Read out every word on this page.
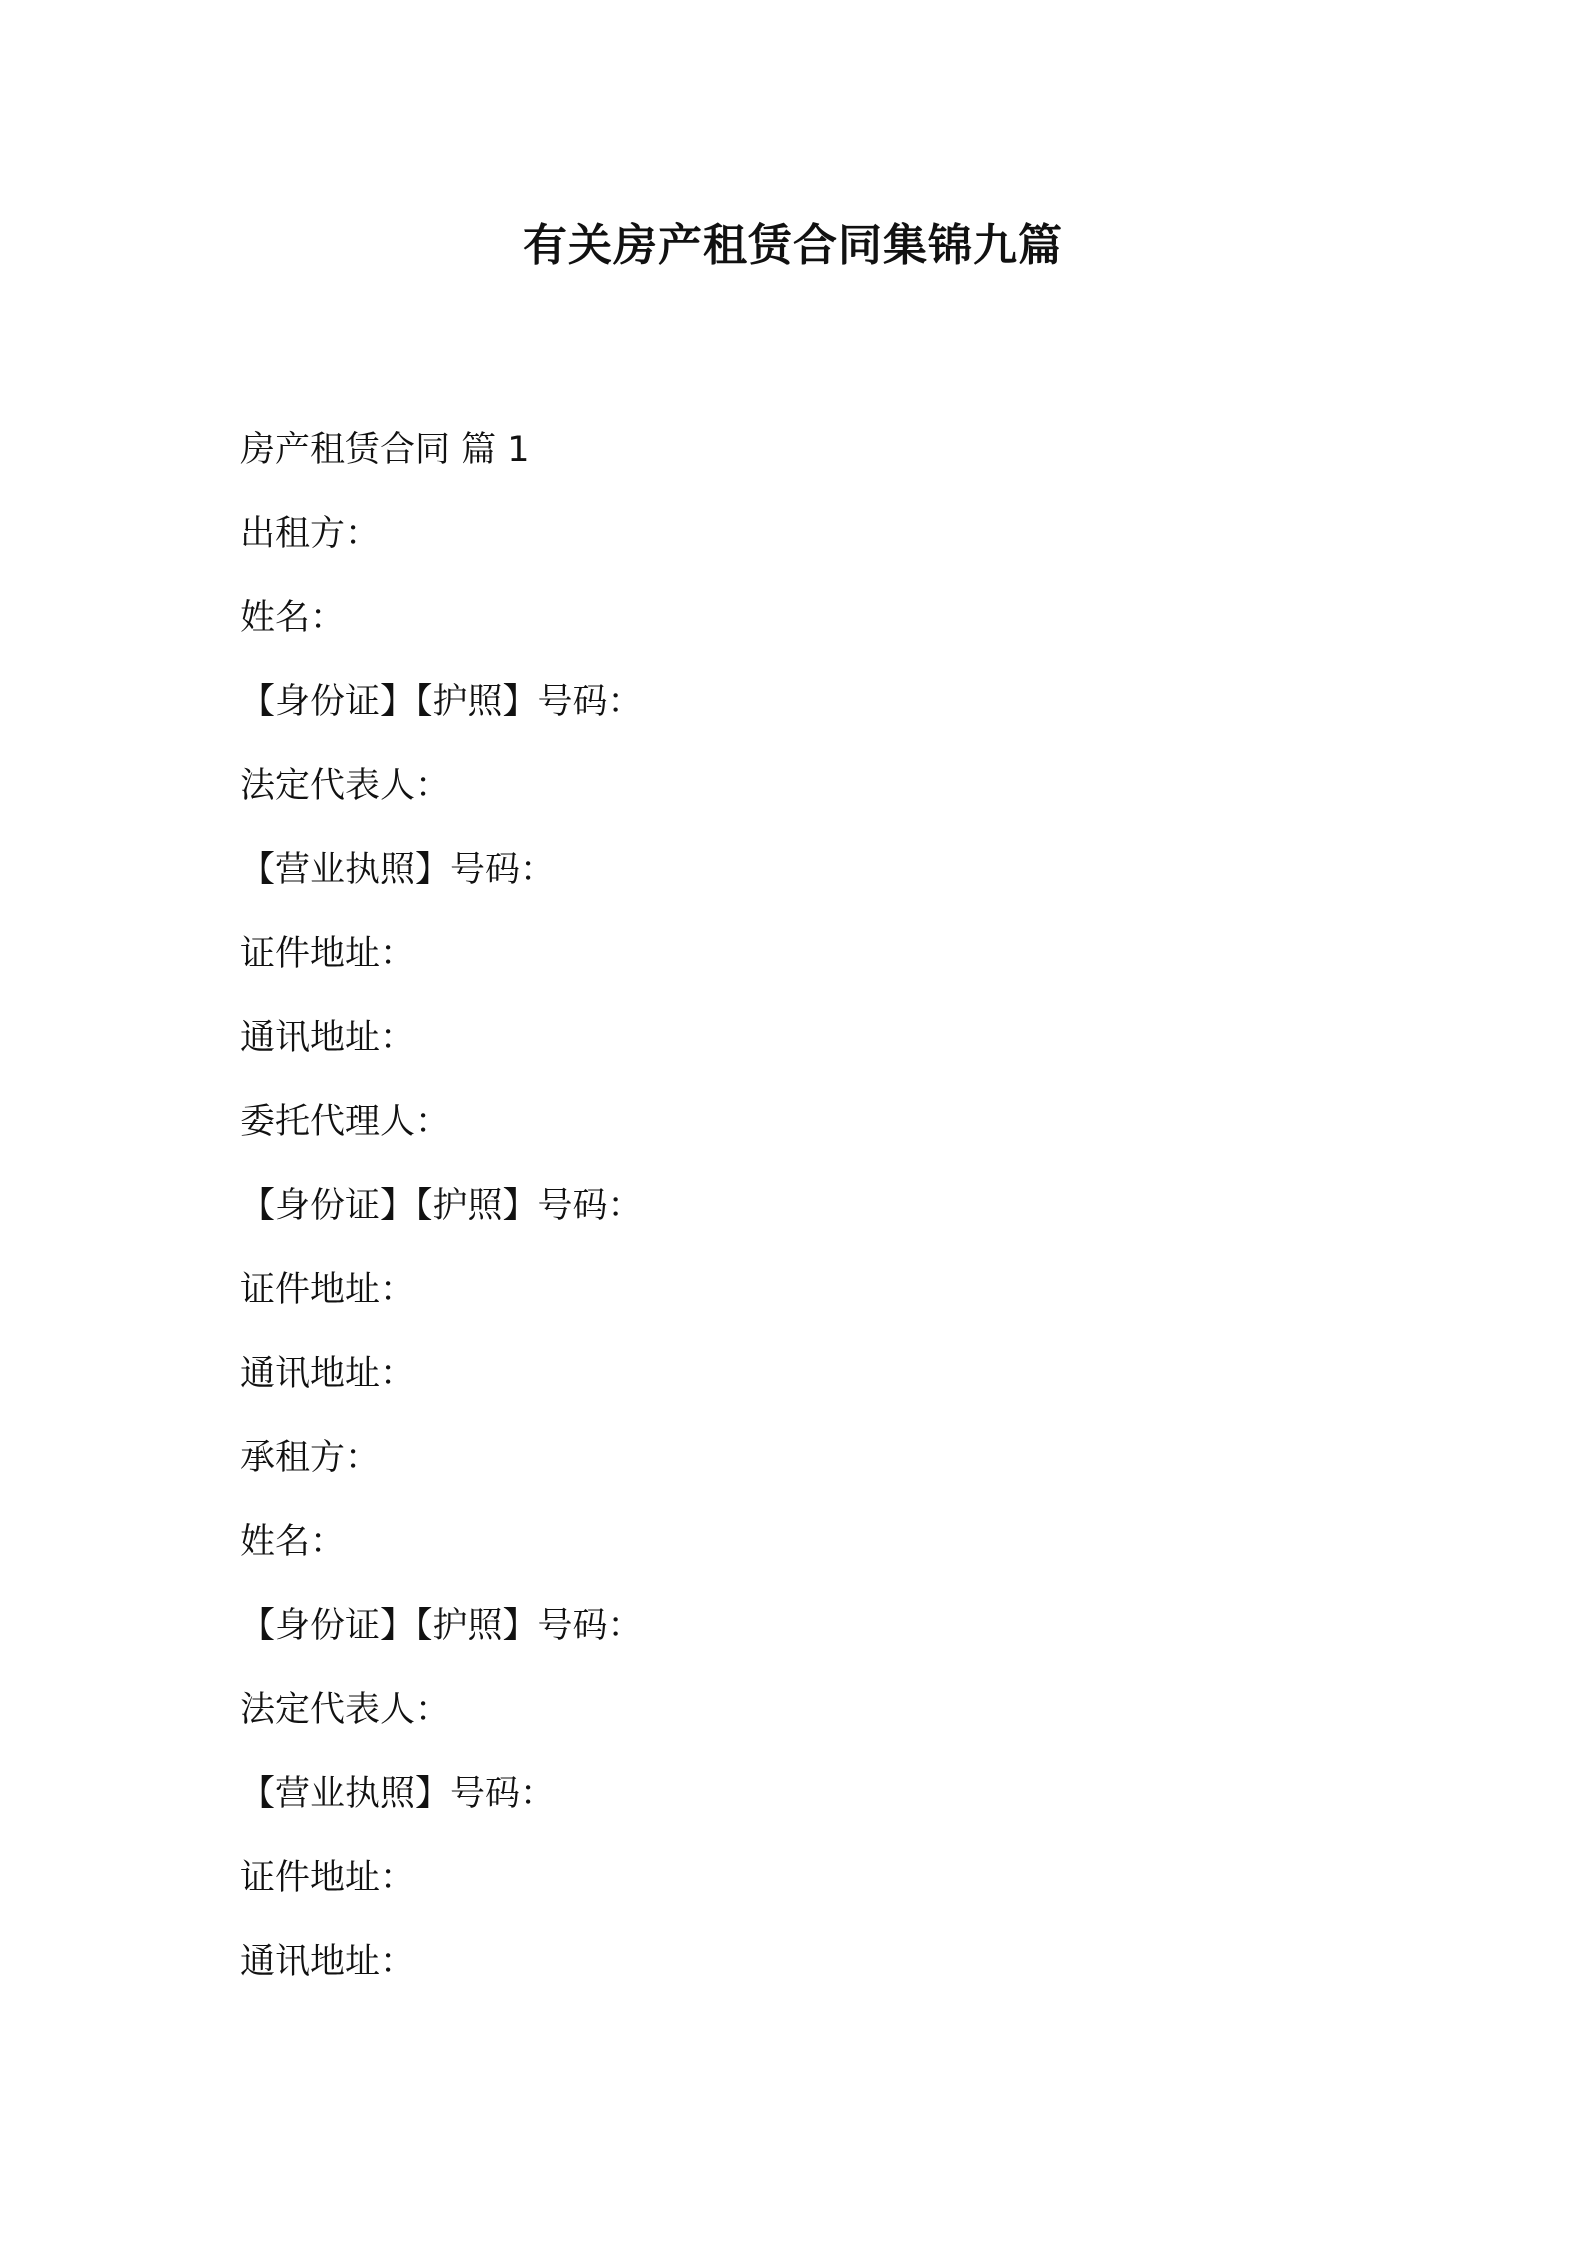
有关房产租赁合同集锦九篇
房产租赁合同 篇 1
出租方：
姓名：
【身份证】【护照】号码：
法定代表人：
【营业执照】号码：
证件地址：
通讯地址：
委托代理人：
【身份证】【护照】号码：
证件地址：
通讯地址：
承租方：
姓名：
【身份证】【护照】号码：
法定代表人：
【营业执照】号码：
证件地址：
通讯地址：
